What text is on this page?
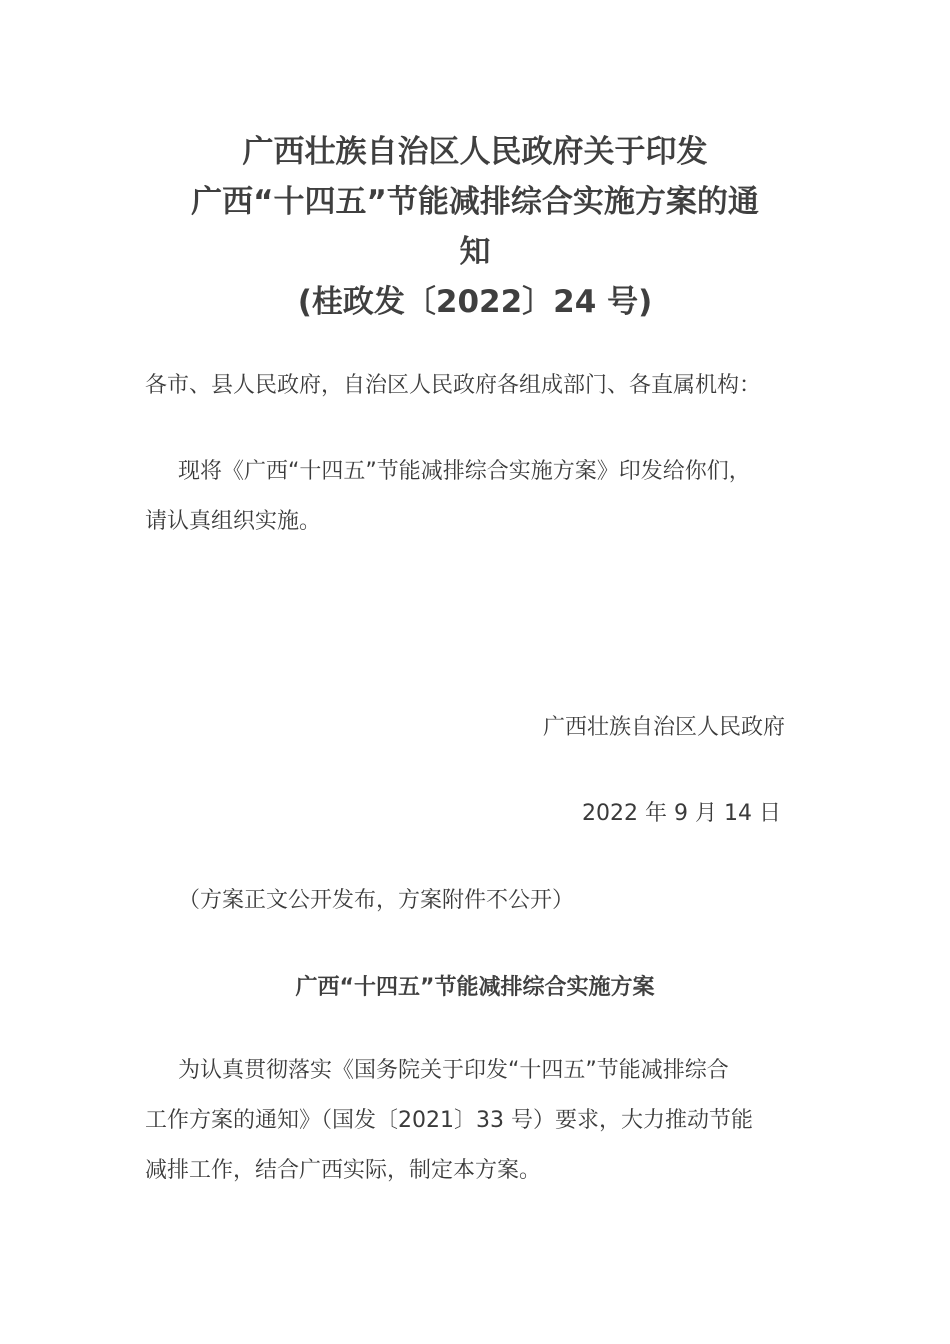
广西壮族自治区人民政府关于印发
广西“十四五”节能减排综合实施方案的通
知
(桂政发〔2022〕24 号)
各市、县人民政府，自治区人民政府各组成部门、各直属机构：
现将《广西“十四五”节能减排综合实施方案》印发给你们，
请认真组织实施。
广西壮族自治区人民政府
2022 年 9 月 14 日
（方案正文公开发布，方案附件不公开）
广西“十四五”节能减排综合实施方案
为认真贯彻落实《国务院关于印发“十四五”节能减排综合
工作方案的通知》（国发〔2021〕33 号）要求，大力推动节能
减排工作，结合广西实际，制定本方案。
